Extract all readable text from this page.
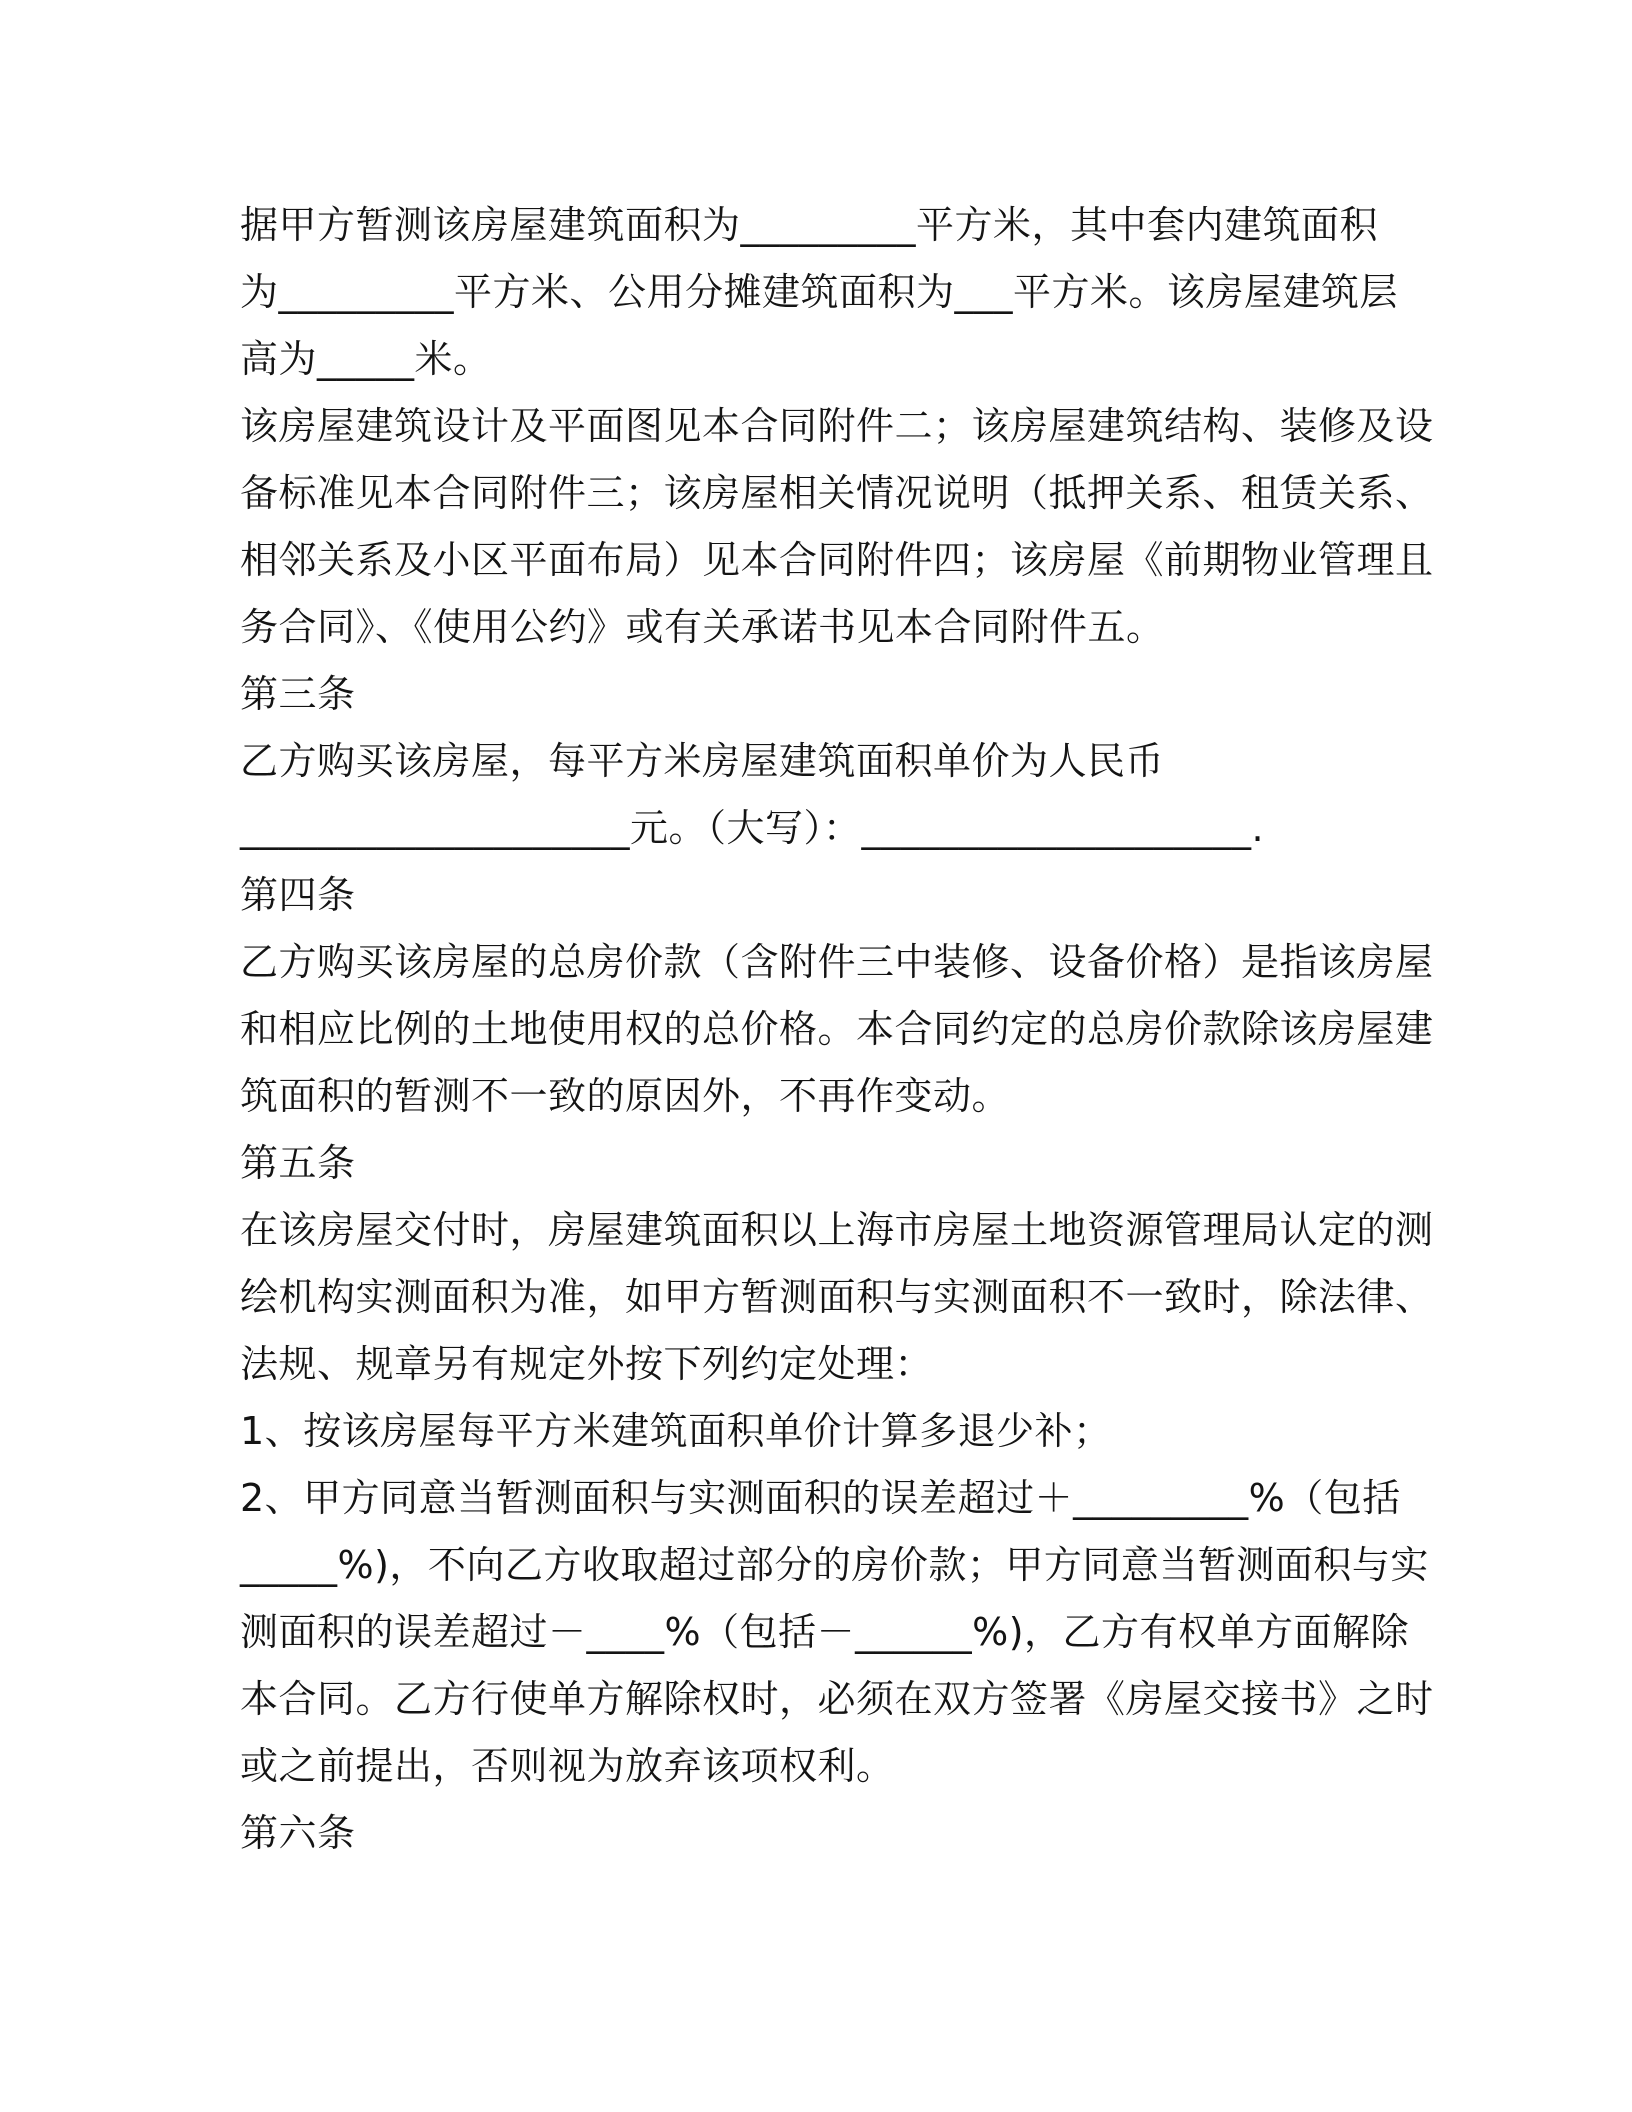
据甲方暂测该房屋建筑面积为_________平方米，其中套内建筑面积
为_________平方米、公用分摊建筑面积为___平方米。该房屋建筑层
高为_____米。
该房屋建筑设计及平面图见本合同附件二；该房屋建筑结构、装修及设
备标准见本合同附件三；该房屋相关情况说明（抵押关系、租赁关系、
相邻关系及小区平面布局）见本合同附件四；该房屋《前期物业管理且
务合同》、《使用公约》或有关承诺书见本合同附件五。
第三条
乙方购买该房屋，每平方米房屋建筑面积单价为人民币
____________________元。（大写）：____________________.
第四条
乙方购买该房屋的总房价款（含附件三中装修、设备价格）是指该房屋
和相应比例的土地使用权的总价格。本合同约定的总房价款除该房屋建
筑面积的暂测不一致的原因外，不再作变动。
第五条
在该房屋交付时，房屋建筑面积以上海市房屋土地资源管理局认定的测
绘机构实测面积为准，如甲方暂测面积与实测面积不一致时，除法律、
法规、规章另有规定外按下列约定处理：
1、按该房屋每平方米建筑面积单价计算多退少补；
2、甲方同意当暂测面积与实测面积的误差超过＋_________%（包括
_____%)，不向乙方收取超过部分的房价款；甲方同意当暂测面积与实
测面积的误差超过－____%（包括－______%)，乙方有权单方面解除
本合同。乙方行使单方解除权时，必须在双方签署《房屋交接书》之时
或之前提出，否则视为放弃该项权利。
第六条
